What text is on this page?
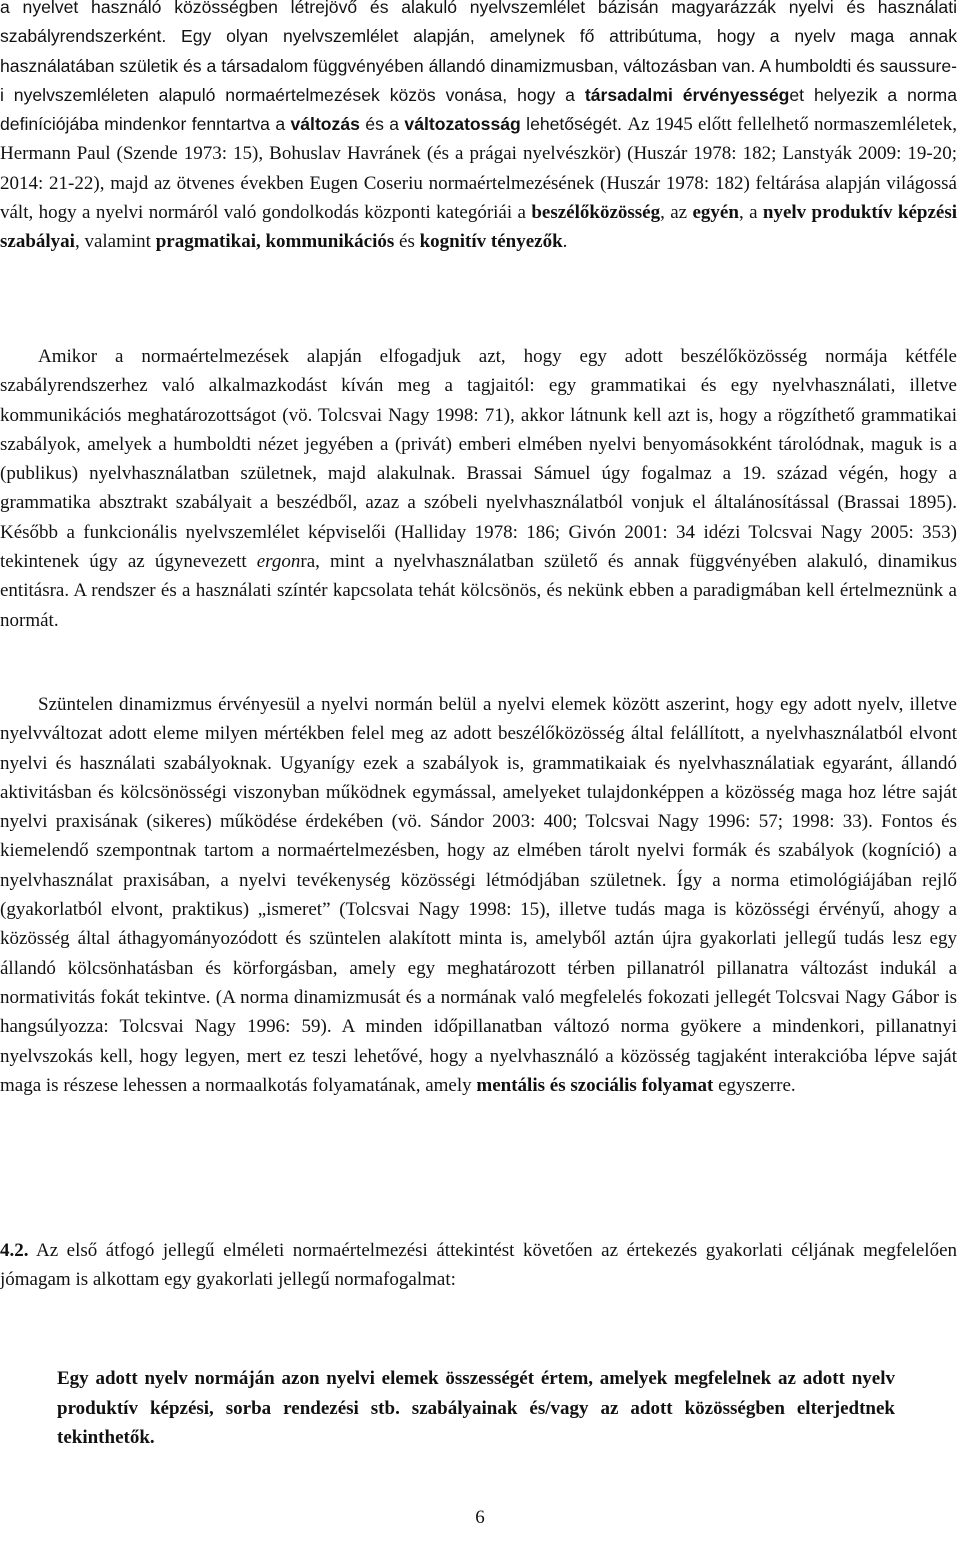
a nyelvet használó közösségben létrejövő és alakuló nyelvszemlélet bázisán magyarázzák nyelvi és használati szabályrendszerként. Egy olyan nyelvszemlélet alapján, amelynek fő attribútuma, hogy a nyelv maga annak használatában születik és a társadalom függvényében állandó dinamizmusban, változásban van. A humboldti és saussure-i nyelvszemléleten alapuló normaértelmezések közös vonása, hogy a társadalmi érvényességet helyezik a norma definíciójába mindenkor fenntartva a változás és a változatosság lehetőségét. Az 1945 előtt fellelhető normaszemléletek, Hermann Paul (Szende 1973: 15), Bohuslav Havránek (és a prágai nyelvészkör) (Huszár 1978: 182; Lanstyák 2009: 19-20; 2014: 21-22), majd az ötvenes években Eugen Coseriu normaértelmezésének (Huszár 1978: 182) feltárása alapján világossá vált, hogy a nyelvi normáról való gondolkodás központi kategóriái a beszélőközösség, az egyén, a nyelv produktív képzési szabályai, valamint pragmatikai, kommunikációs és kognitív tényezők.

Amikor a normaértelmezések alapján elfogadjuk azt, hogy egy adott beszélőközösség normája kétféle szabályrendszerhez való alkalmazkodást kíván meg a tagjaitól: egy grammatikai és egy nyelvhasználati, illetve kommunikációs meghatározottságot (vö. Tolcsvai Nagy 1998: 71), akkor látnunk kell azt is, hogy a rögzíthető grammatikai szabályok, amelyek a humboldti nézet jegyében a (privát) emberi elmében nyelvi benyomásokként tárolódnak, maguk is a (publikus) nyelvhasználatban születnek, majd alakulnak. Brassai Sámuel úgy fogalmaz a 19. század végén, hogy a grammatika absztrakt szabályait a beszédből, azaz a szóbeli nyelvhasználatból vonjuk el általánosítással (Brassai 1895). Később a funkcionális nyelvszemlélet képviselői (Halliday 1978: 186; Givón 2001: 34 idézi Tolcsvai Nagy 2005: 353) tekintenek úgy az úgynevezett ergonra, mint a nyelvhasználatban születő és annak függvényében alakuló, dinamikus entitásra. A rendszer és a használati színtér kapcsolata tehát kölcsönös, és nekünk ebben a paradigmában kell értelmeznünk a normát.

Szüntelen dinamizmus érvényesül a nyelvi normán belül a nyelvi elemek között aszerint, hogy egy adott nyelv, illetve nyelvváltozat adott eleme milyen mértékben felel meg az adott beszélőközösség által felállított, a nyelvhasználatból elvont nyelvi és használati szabályoknak. Ugyanígy ezek a szabályok is, grammatikaiak és nyelvhasználatiak egyaránt, állandó aktivitásban és kölcsönösségi viszonyban működnek egymással, amelyeket tulajdonképpen a közösség maga hoz létre saját nyelvi praxisának (sikeres) működése érdekében (vö. Sándor 2003: 400; Tolcsvai Nagy 1996: 57; 1998: 33). Fontos és kiemelendő szempontnak tartom a normaértelmezésben, hogy az elmében tárolt nyelvi formák és szabályok (kogníció) a nyelvhasználat praxisában, a nyelvi tevékenység közösségi létmódjában születnek. Így a norma etimológiájában rejlő (gyakorlatból elvont, praktikus) „ismeret” (Tolcsvai Nagy 1998: 15), illetve tudás maga is közösségi érvényű, ahogy a közösség által áthagyományozódott és szüntelen alakított minta is, amelyből aztán újra gyakorlati jellegű tudás lesz egy állandó kölcsönhatásban és körforgásban, amely egy meghatározott térben pillanatról pillanatra változást indukál a normativitás fokát tekintve. (A norma dinamizmusát és a normának való megfelelés fokozati jellegét Tolcsvai Nagy Gábor is hangsúlyozza: Tolcsvai Nagy 1996: 59). A minden időpillanatban változó norma gyökere a mindenkori, pillanatnyi nyelvszokás kell, hogy legyen, mert ez teszi lehetővé, hogy a nyelvhasználó a közösség tagjaként interakcióba lépve saját maga is részese lehessen a normaalkotás folyamatának, amely mentális és szociális folyamat egyszerre.

4.2. Az első átfogó jellegű elméleti normaértelmezési áttekintést követően az értekezés gyakorlati céljának megfelelően jómagam is alkottam egy gyakorlati jellegű normafogalmat:

Egy adott nyelv normáján azon nyelvi elemek összességét értem, amelyek megfelelnek az adott nyelv produktív képzési, sorba rendezési stb. szabályainak és/vagy az adott közösségben elterjedtnek tekinthetők.

6
